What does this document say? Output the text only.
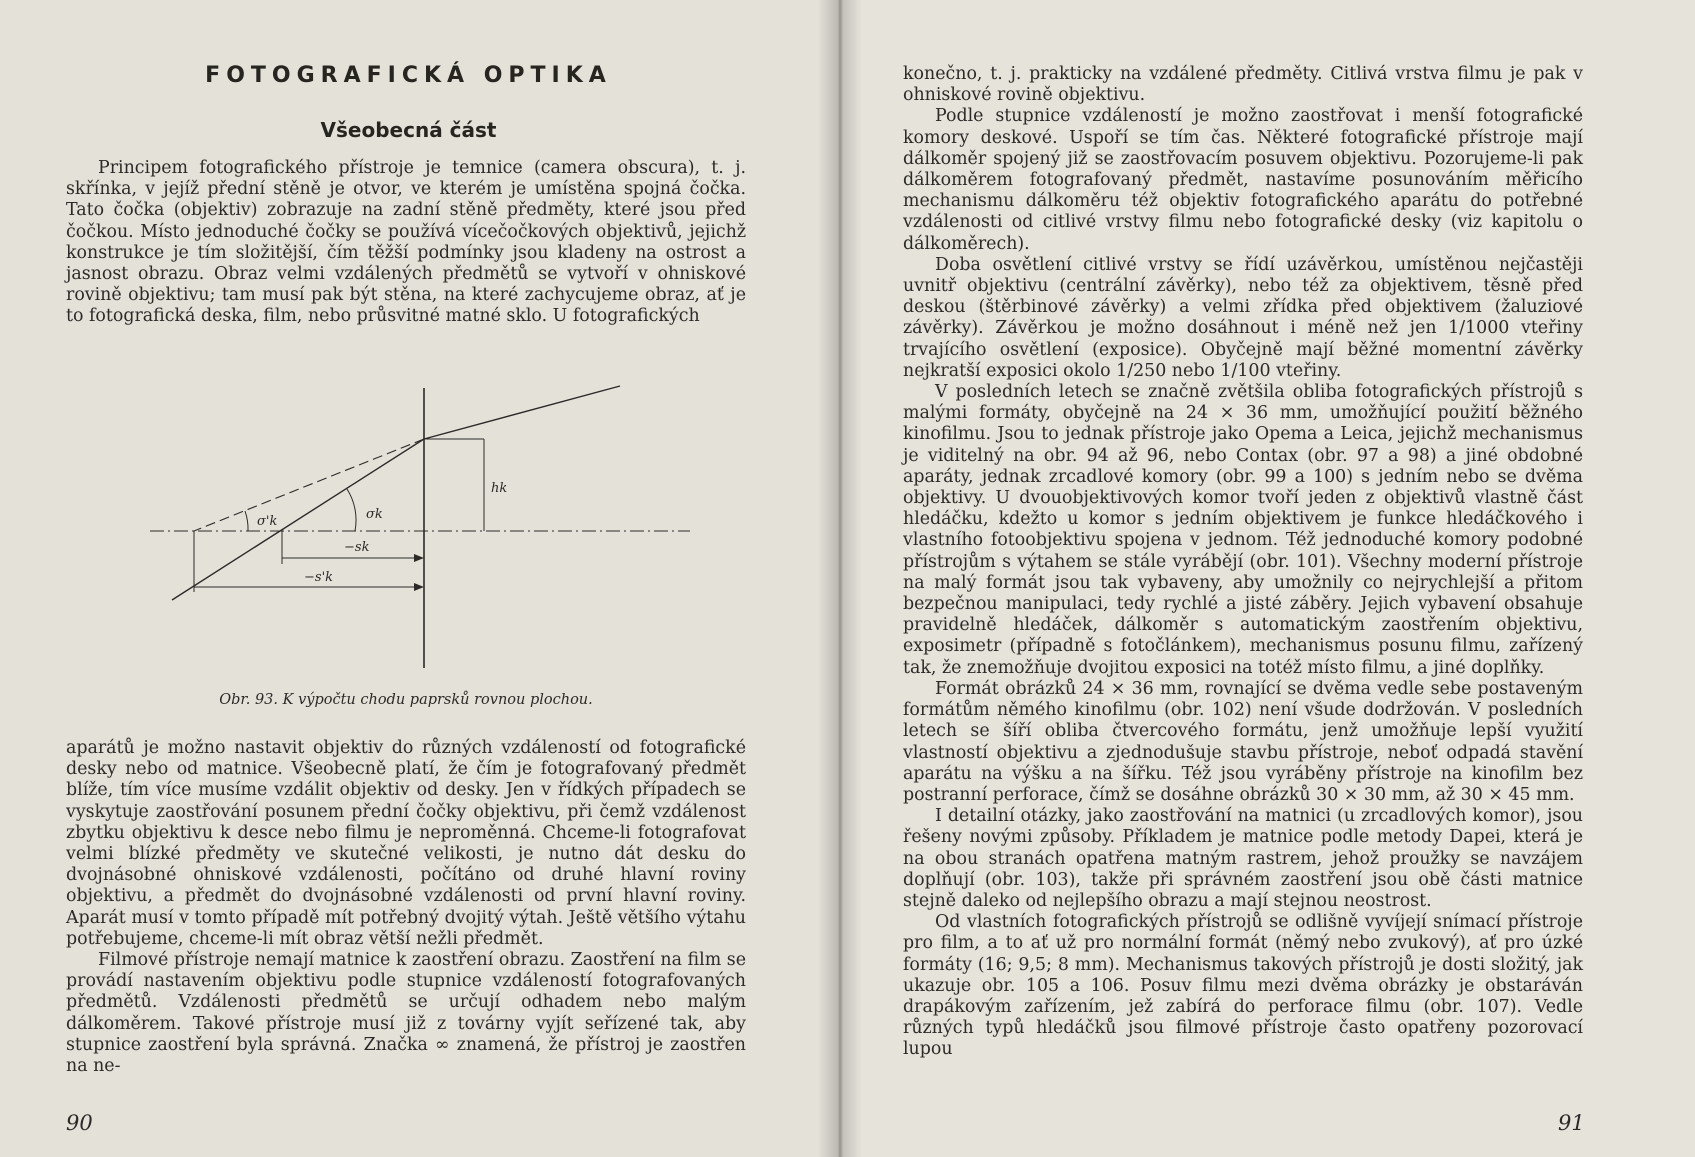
FOTOGRAFICKÁ OPTIKA
Všeobecná část

Principem fotografického přístroje je temnice (camera obscura), t. j. skřínka, v jejíž přední stěně je otvor, ve kterém je umístěna spojná čočka. Tato čočka (objektiv) zobrazuje na zadní stěně předměty, které jsou před čočkou. Místo jednoduché čočky se používá vícečočkových objektivů, jejichž konstrukce je tím složitější, čím těžší podmínky jsou kladeny na ostrost a jasnost obrazu. Obraz velmi vzdálených předmětů se vytvoří v ohniskové rovině objektivu; tam musí pak být stěna, na které zachycujeme obraz, ať je to fotografická deska, film, nebo průsvitné matné sklo. U fotografických

hk
σ'k	σk
−sk
−s'k
Obr. 93. K výpočtu chodu paprsků rovnou plochou.

aparátů je možno nastavit objektiv do různých vzdáleností od fotografické desky nebo od matnice. Všeobecně platí, že čím je fotografovaný předmět blíže, tím více musíme vzdálit objektiv od desky. Jen v řídkých případech se vyskytuje zaostřování posunem přední čočky objektivu, při čemž vzdálenost zbytku objektivu k desce nebo filmu je neproměnná. Chceme-li fotografovat velmi blízké předměty ve skutečné velikosti, je nutno dát desku do dvojnásobné ohniskové vzdálenosti, počítáno od druhé hlavní roviny objektivu, a předmět do dvojnásobné vzdálenosti od první hlavní roviny. Aparát musí v tomto případě mít potřebný dvojitý výtah. Ještě většího výtahu potřebujeme, chceme-li mít obraz větší nežli předmět.

Filmové přístroje nemají matnice k zaostření obrazu. Zaostření na film se provádí nastavením objektivu podle stupnice vzdáleností fotografovaných předmětů. Vzdálenosti předmětů se určují odhadem nebo malým dálkoměrem. Takové přístroje musí již z továrny vyjít seřízené tak, aby stupnice zaostření byla správná. Značka ∞ znamená, že přístroj je zaostřen na ne-

konečno, t. j. prakticky na vzdálené předměty. Citlivá vrstva filmu je pak v ohniskové rovině objektivu.

Podle stupnice vzdáleností je možno zaostřovat i menší fotografické komory deskové. Uspoří se tím čas. Některé fotografické přístroje mají dálkoměr spojený již se zaostřovacím posuvem objektivu. Pozorujeme-li pak dálkoměrem fotografovaný předmět, nastavíme posunováním měřicího mechanismu dálkoměru též objektiv fotografického aparátu do potřebné vzdálenosti od citlivé vrstvy filmu nebo fotografické desky (viz kapitolu o dálkoměrech).

Doba osvětlení citlivé vrstvy se řídí uzávěrkou, umístěnou nejčastěji uvnitř objektivu (centrální závěrky), nebo též za objektivem, těsně před deskou (štěrbinové závěrky) a velmi zřídka před objektivem (žaluziové závěrky). Závěrkou je možno dosáhnout i méně než jen 1/1000 vteřiny trvajícího osvětlení (exposice). Obyčejně mají běžné momentní závěrky nejkratší exposici okolo 1/250 nebo 1/100 vteřiny.

V posledních letech se značně zvětšila obliba fotografických přístrojů s malými formáty, obyčejně na 24 × 36 mm, umožňující použití běžného kinofilmu. Jsou to jednak přístroje jako Opema a Leica, jejichž mechanismus je viditelný na obr. 94 až 96, nebo Contax (obr. 97 a 98) a jiné obdobné aparáty, jednak zrcadlové komory (obr. 99 a 100) s jedním nebo se dvěma objektivy. U dvouobjektivových komor tvoří jeden z objektivů vlastně část hledáčku, kdežto u komor s jedním objektivem je funkce hledáčkového i vlastního fotoobjektivu spojena v jednom. Též jednoduché komory podobné přístrojům s výtahem se stále vyrábějí (obr. 101). Všechny moderní přístroje na malý formát jsou tak vybaveny, aby umožnily co nejrychlejší a přitom bezpečnou manipulaci, tedy rychlé a jisté záběry. Jejich vybavení obsahuje pravidelně hledáček, dálkoměr s automatickým zaostřením objektivu, exposimetr (případně s fotočlánkem), mechanismus posunu filmu, zařízený tak, že znemožňuje dvojitou exposici na totéž místo filmu, a jiné doplňky.

Formát obrázků 24 × 36 mm, rovnající se dvěma vedle sebe postaveným formátům němého kinofilmu (obr. 102) není všude dodržován. V posledních letech se šíří obliba čtvercového formátu, jenž umožňuje lepší využití vlastností objektivu a zjednodušuje stavbu přístroje, neboť odpadá stavění aparátu na výšku a na šířku. Též jsou vyráběny přístroje na kinofilm bez postranní perforace, čímž se dosáhne obrázků 30 × 30 mm, až 30 × 45 mm.

I detailní otázky, jako zaostřování na matnici (u zrcadlových komor), jsou řešeny novými způsoby. Příkladem je matnice podle metody Dapei, která je na obou stranách opatřena matným rastrem, jehož proužky se navzájem doplňují (obr. 103), takže při správném zaostření jsou obě části matnice stejně daleko od nejlepšího obrazu a mají stejnou neostrost.

Od vlastních fotografických přístrojů se odlišně vyvíjejí snímací přístroje pro film, a to ať už pro normální formát (němý nebo zvukový), ať pro úzké formáty (16; 9,5; 8 mm). Mechanismus takových přístrojů je dosti složitý, jak ukazuje obr. 105 a 106. Posuv filmu mezi dvěma obrázky je obstaráván drapákovým zařízením, jež zabírá do perforace filmu (obr. 107). Vedle různých typů hledáčků jsou filmové přístroje často opatřeny pozorovací lupou

90	91
